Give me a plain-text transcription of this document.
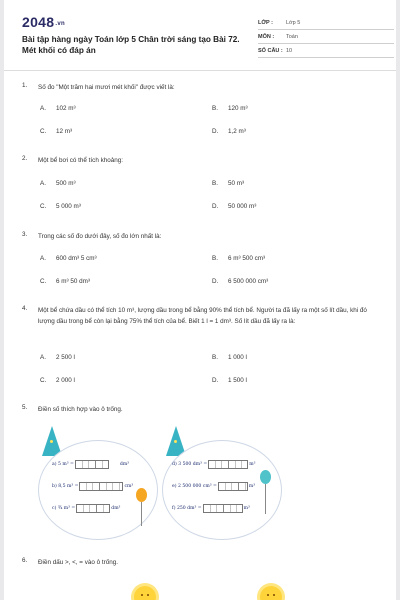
$2048^{.vn}$
Bài tập hàng ngày Toán lớp 5 Chân trời sáng tạo Bài 72. Mét khối có đáp án
LỚP :	Lớp 5
MÔN :	Toán
SỐ CÂU : 10
1.	Số đo "Một trăm hai mươi mét khối" được viết là:
A. 102 m³	B. 120 m³
C. 12 m³	D. 1,2 m³
2.	Một bể bơi có thể tích khoảng:
A. 500 m³	B. 50 m³
C. 5 000 m³	D. 50 000 m³
3.	Trong các số đo dưới đây, số đo lớn nhất là:
A. 600 dm³ 5 cm³	B. 6 m³ 500 cm³
C. 6 m³ 50 dm³	D. 6 500 000 cm³
4.	Một bể chứa dầu có thể tích 10 m³, lượng dầu trong bể bằng 90% thể tích bể. Người ta đã lấy ra một số lít dầu, khi đó lượng dầu trong bể còn lại bằng 75% thể tích của bể. Biết 1 l = 1 dm³. Số lít dầu đã lấy ra là:
A. 2 500 l	B. 1 000 l
C. 2 000 l	D. 1 500 l
5.	Điền số thích hợp vào ô trống.
a) 5 m³ =	dm³
b) 8,5 m³ =	cm³
c) ¾ m³ =	dm³
d) 3 500 dm³ =	m³
e) 2 500 000 cm³ =	m³
f) 250 dm³ =	m³
6.	Điền dấu >, <, = vào ô trống.
